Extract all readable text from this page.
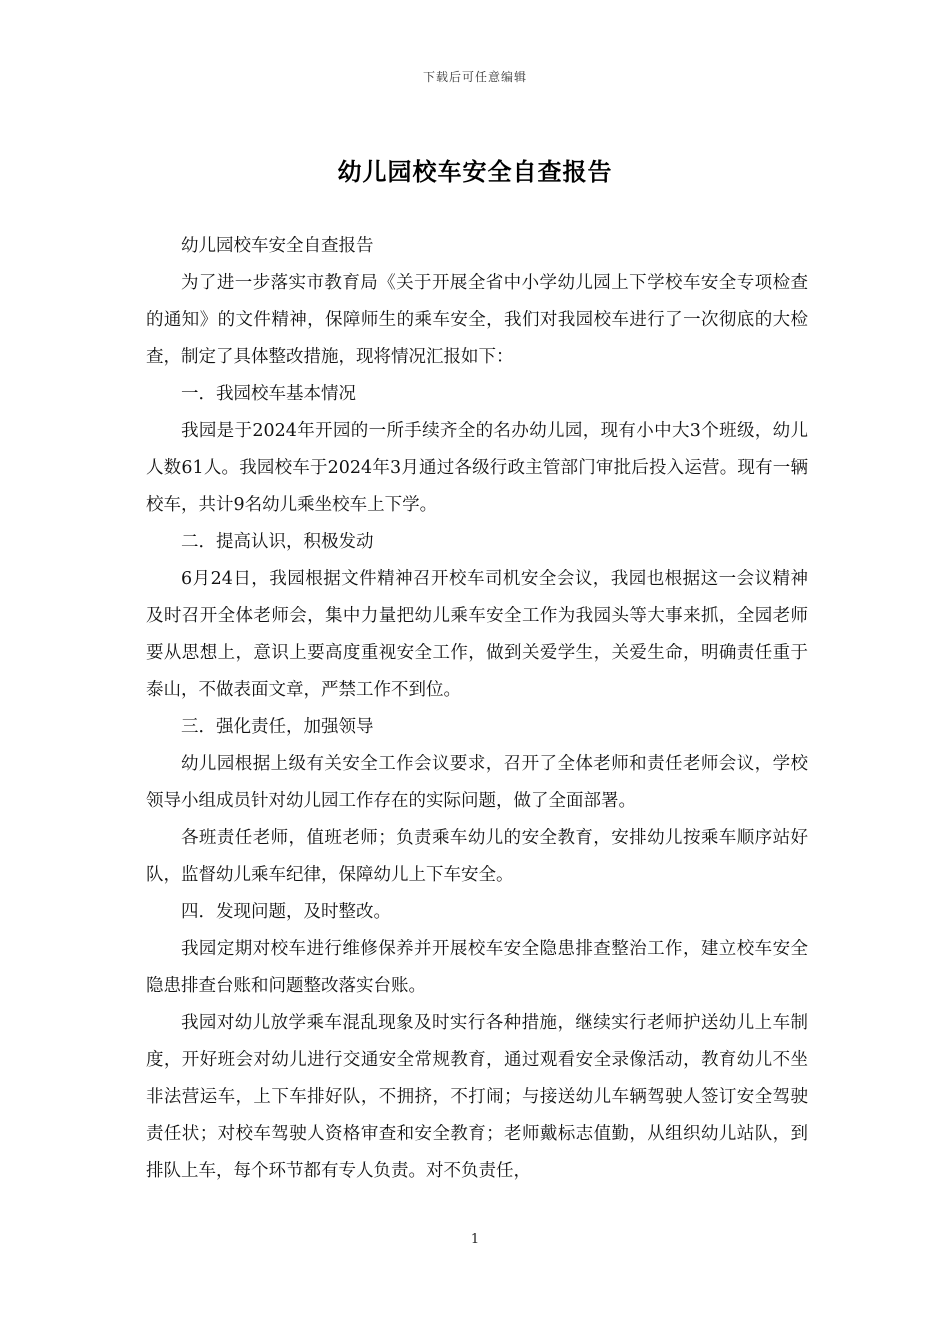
下载后可任意编辑
幼儿园校车安全自查报告

幼儿园校车安全自查报告

为了进一步落实市教育局《关于开展全省中小学幼儿园上下学校车安全专项检查的通知》的文件精神，保障师生的乘车安全，我们对我园校车进行了一次彻底的大检查，制定了具体整改措施，现将情况汇报如下：

一．我园校车基本情况

我园是于2024年开园的一所手续齐全的名办幼儿园，现有小中大3个班级，幼儿人数61人。我园校车于2024年3月通过各级行政主管部门审批后投入运营。现有一辆校车，共计9名幼儿乘坐校车上下学。

二．提高认识，积极发动

6月24日，我园根据文件精神召开校车司机安全会议，我园也根据这一会议精神及时召开全体老师会，集中力量把幼儿乘车安全工作为我园头等大事来抓，全园老师要从思想上，意识上要高度重视安全工作，做到关爱学生，关爱生命，明确责任重于泰山，不做表面文章，严禁工作不到位。

三．强化责任，加强领导

幼儿园根据上级有关安全工作会议要求，召开了全体老师和责任老师会议，学校领导小组成员针对幼儿园工作存在的实际问题，做了全面部署。

各班责任老师，值班老师；负责乘车幼儿的安全教育，安排幼儿按乘车顺序站好队，监督幼儿乘车纪律，保障幼儿上下车安全。

四．发现问题，及时整改。

我园定期对校车进行维修保养并开展校车安全隐患排查整治工作，建立校车安全隐患排查台账和问题整改落实台账。

我园对幼儿放学乘车混乱现象及时实行各种措施，继续实行老师护送幼儿上车制度，开好班会对幼儿进行交通安全常规教育，通过观看安全录像活动，教育幼儿不坐非法营运车，上下车排好队，不拥挤，不打闹；与接送幼儿车辆驾驶人签订安全驾驶责任状；对校车驾驶人资格审查和安全教育；老师戴标志值勤，从组织幼儿站队，到排队上车，每个环节都有专人负责。对不负责任，

1
